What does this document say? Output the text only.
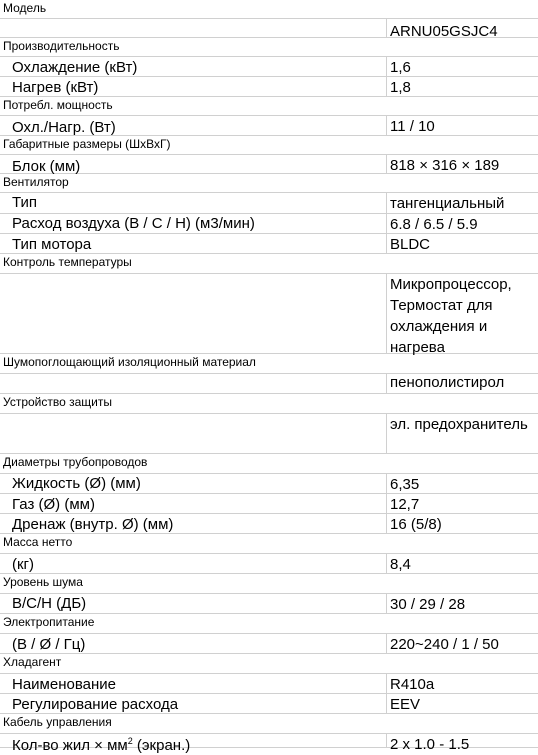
Модель
ARNU05GSJC4
Производительность
Охлаждение (кВт)	1,6
Нагрев (кВт)	1,8
Потребл. мощность
Охл./Нагр. (Вт)	11 / 10
Габаритные размеры (ШхВхГ)
Блок (мм)	818 × 316 × 189
Вентилятор
Тип	тангенциальный
Расход воздуха (В / С / Н) (м3/мин)	6.8 / 6.5 / 5.9
Тип мотора	BLDC
Контроль температуры
Микропроцессор, Термостат для охлаждения и нагрева
Шумопоглощающий изоляционный материал
пенополистирол
Устройство защиты
эл. предохранитель
Диаметры трубопроводов
Жидкость (Ø) (мм)	6,35
Газ (Ø) (мм)	12,7
Дренаж (внутр. Ø) (мм)	16 (5/8)
Масса нетто
(кг)	8,4
Уровень шума
В/С/Н (ДБ)	30 / 29 / 28
Электропитание
(В / Ø / Гц)	220~240 / 1 / 50
Хладагент
Наименование	R410a
Регулирование расхода	EEV
Кабель управления
Кол-во жил × $мм^2$ (экран.)	2 x 1.0 - 1.5
